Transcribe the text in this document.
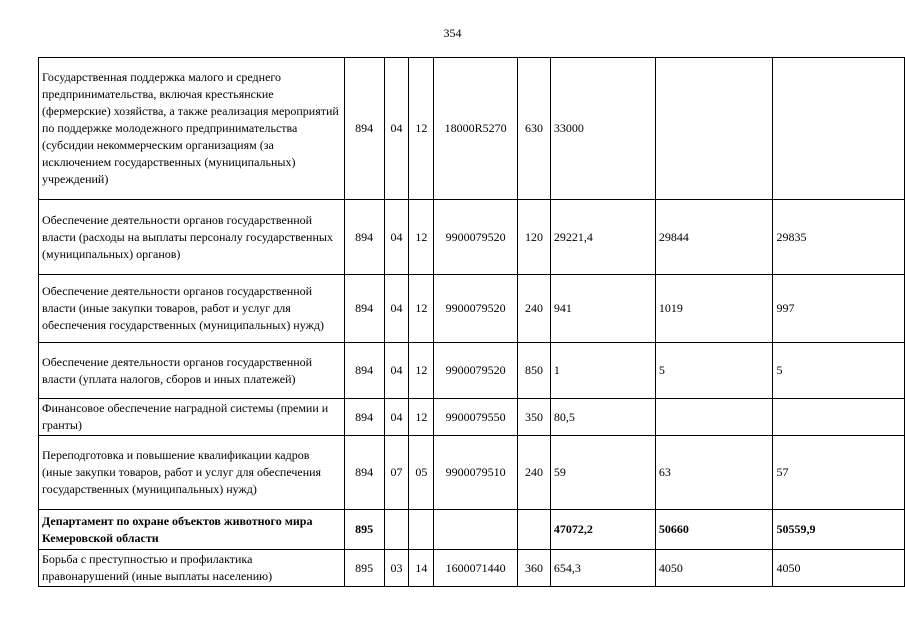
354
Государственная поддержка малого и среднего предпринимательства, включая крестьянские (фермерские) хозяйства, а также реализация мероприятий по поддержке молодежного предпринимательства (субсидии некоммерческим организациям (за исключением государственных (муниципальных) учреждений)	894	04	12	18000R5270	630	33000		
Обеспечение деятельности органов государственной власти (расходы на выплаты персоналу государственных (муниципальных) органов)	894	04	12	9900079520	120	29221,4	29844	29835
Обеспечение деятельности органов государственной власти (иные закупки товаров, работ и услуг для обеспечения государственных (муниципальных) нужд)	894	04	12	9900079520	240	941	1019	997
Обеспечение деятельности органов государственной власти (уплата налогов, сборов и иных платежей)	894	04	12	9900079520	850	1	5	5
Финансовое обеспечение наградной системы (премии и гранты)	894	04	12	9900079550	350	80,5		
Переподготовка и повышение квалификации кадров (иные закупки товаров, работ и услуг для обеспечения государственных (муниципальных) нужд)	894	07	05	9900079510	240	59	63	57
Департамент по охране объектов животного мира Кемеровской области	895					47072,2	50660	50559,9
Борьба с преступностью и профилактика правонарушений (иные выплаты населению)	895	03	14	1600071440	360	654,3	4050	4050
